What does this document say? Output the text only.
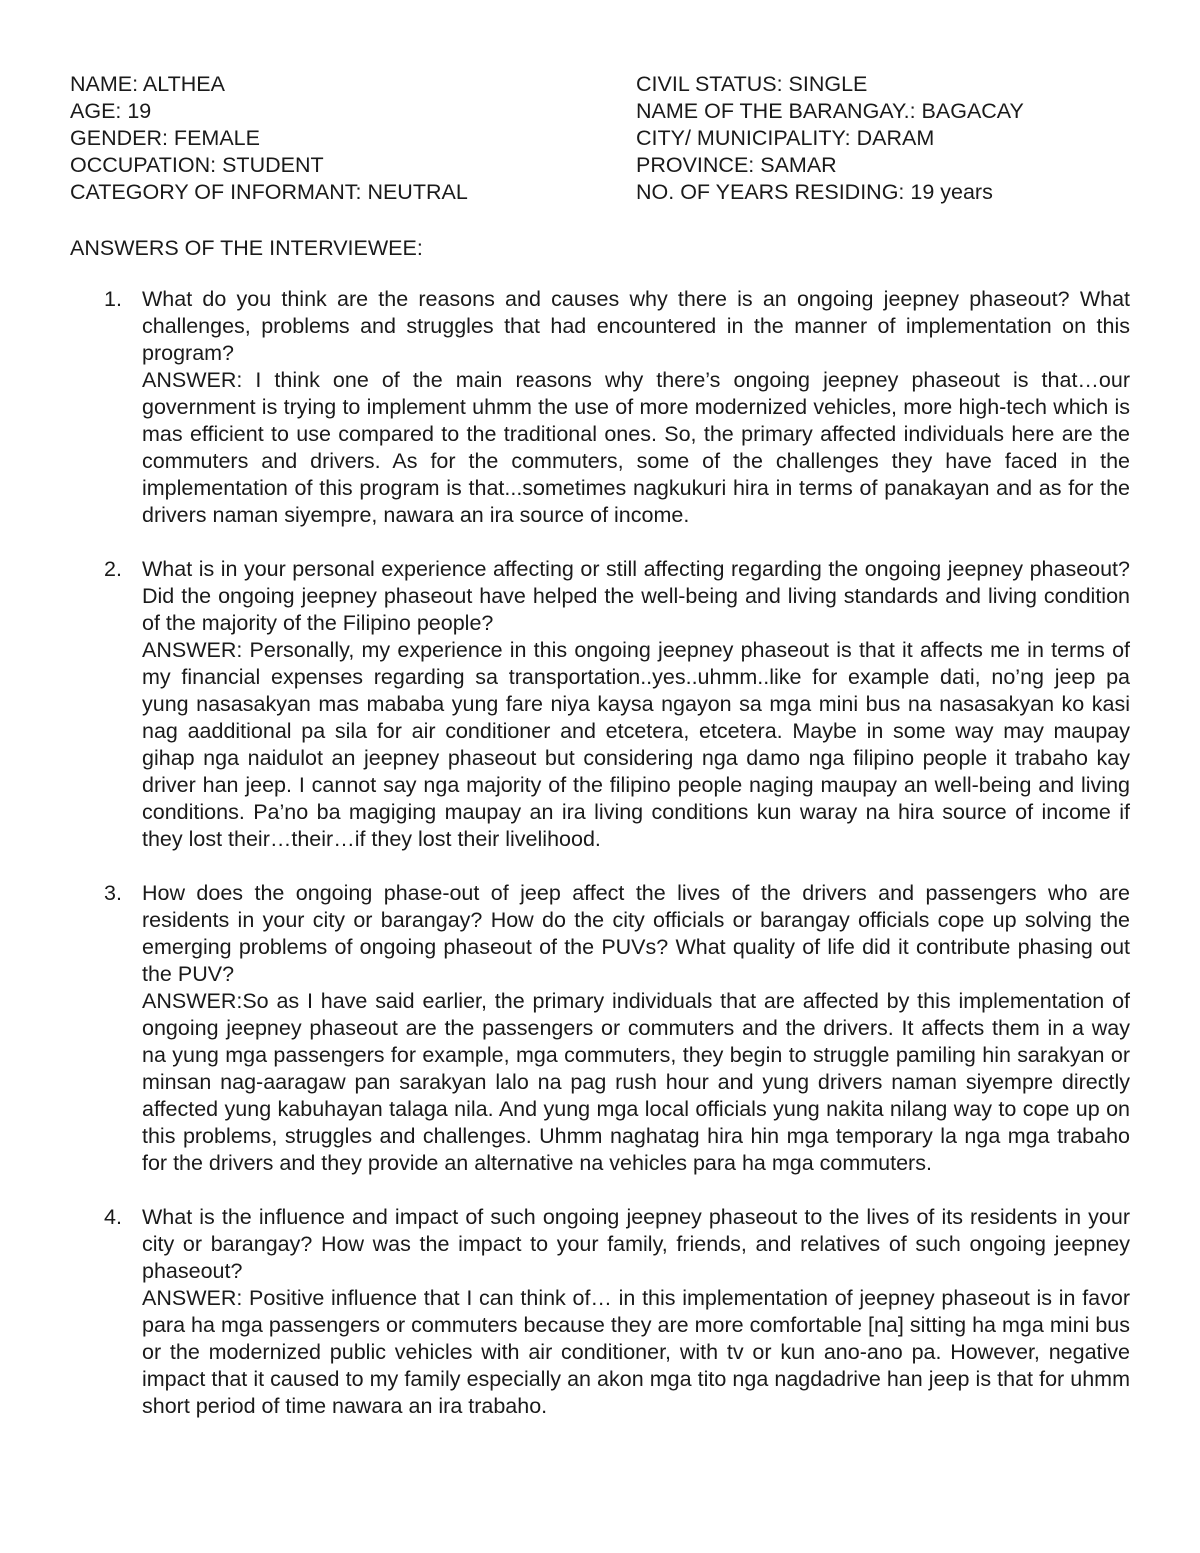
NAME: ALTHEA
AGE: 19
GENDER: FEMALE
OCCUPATION: STUDENT
CATEGORY OF INFORMANT: NEUTRAL
CIVIL STATUS: SINGLE
NAME OF THE BARANGAY.: BAGACAY
CITY/ MUNICIPALITY: DARAM
PROVINCE: SAMAR
NO. OF YEARS RESIDING: 19 years
ANSWERS OF THE INTERVIEWEE:
1. What do you think are the reasons and causes why there is an ongoing jeepney phaseout? What challenges, problems and struggles that had encountered in the manner of implementation on this program?
ANSWER: I think one of the main reasons why there’s ongoing jeepney phaseout is that…our government is trying to implement uhmm the use of more modernized vehicles, more high-tech which is mas efficient to use compared to the traditional ones. So, the primary affected individuals here are the commuters and drivers. As for the commuters, some of the challenges they have faced in the implementation of this program is that...sometimes nagkukuri hira in terms of panakayan and as for the drivers naman siyempre, nawara an ira source of income.
2. What is in your personal experience affecting or still affecting regarding the ongoing jeepney phaseout? Did the ongoing jeepney phaseout have helped the well-being and living standards and living condition of the majority of the Filipino people?
ANSWER: Personally, my experience in this ongoing jeepney phaseout is that it affects me in terms of my financial expenses regarding sa transportation..yes..uhmm..like for example dati, no’ng jeep pa yung nasasakyan mas mababa yung fare niya kaysa ngayon sa mga mini bus na nasasakyan ko kasi nag aadditional pa sila for air conditioner and etcetera, etcetera. Maybe in some way may maupay gihap nga naidulot an jeepney phaseout but considering nga damo nga filipino people it trabaho kay driver han jeep. I cannot say nga majority of the filipino people naging maupay an well-being and living conditions. Pa’no ba magiging maupay an ira living conditions kun waray na hira source of income if they lost their…their…if they lost their livelihood.
3. How does the ongoing phase-out of jeep affect the lives of the drivers and passengers who are residents in your city or barangay? How do the city officials or barangay officials cope up solving the emerging problems of ongoing phaseout of the PUVs? What quality of life did it contribute phasing out the PUV?
ANSWER:So as I have said earlier, the primary individuals that are affected by this implementation of ongoing jeepney phaseout are the passengers or commuters and the drivers. It affects them in a way na yung mga passengers for example, mga commuters, they begin to struggle pamiling hin sarakyan or minsan nag-aaragaw pan sarakyan lalo na pag rush hour and yung drivers naman siyempre directly affected yung kabuhayan talaga nila. And yung mga local officials yung nakita nilang way to cope up on this problems, struggles and challenges. Uhmm naghatag hira hin mga temporary la nga mga trabaho for the drivers and they provide an alternative na vehicles para ha mga commuters.
4. What is the influence and impact of such ongoing jeepney phaseout to the lives of its residents in your city or barangay? How was the impact to your family, friends, and relatives of such ongoing jeepney phaseout?
ANSWER: Positive influence that I can think of… in this implementation of jeepney phaseout is in favor para ha mga passengers or commuters because they are more comfortable [na] sitting ha mga mini bus or the modernized public vehicles with air conditioner, with tv or kun ano-ano pa. However, negative impact that it caused to my family especially an akon mga tito nga nagdadrive han jeep is that for uhmm short period of time nawara an ira trabaho.
